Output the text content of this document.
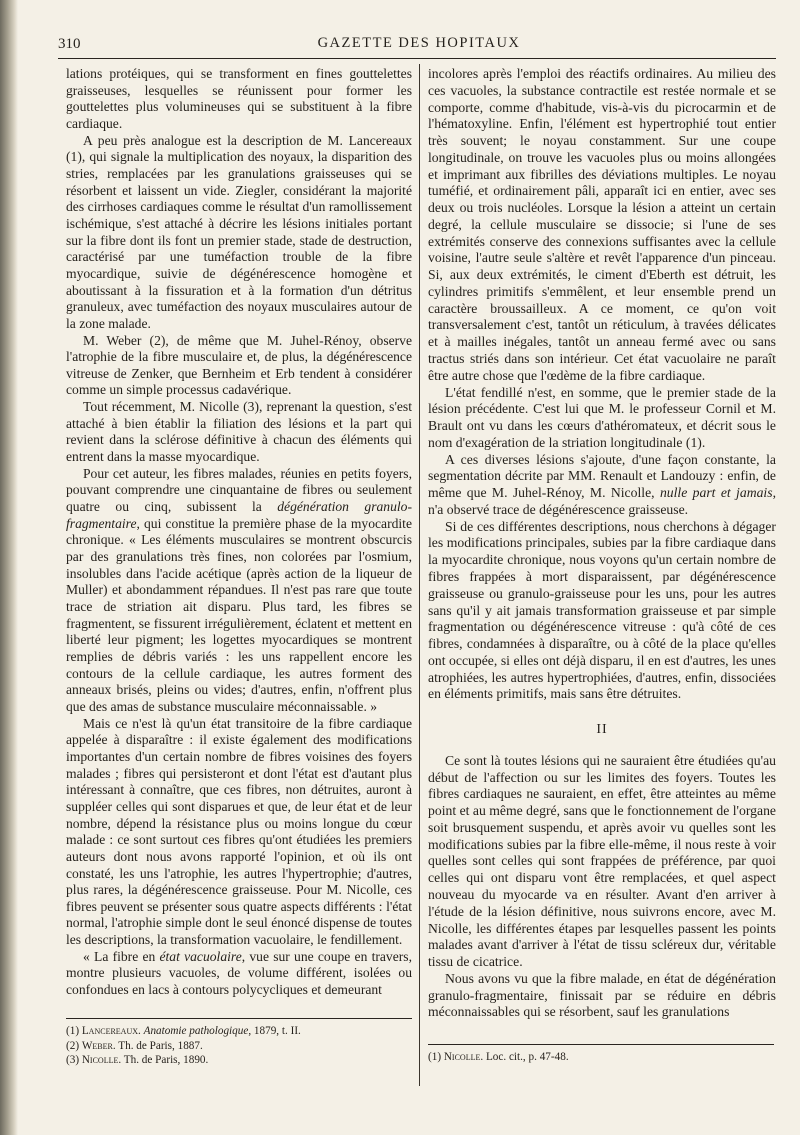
310	GAZETTE DES HOPITAUX

lations protéiques, qui se transforment en fines gouttelettes graisseuses, lesquelles se réunissent pour former les gouttelettes plus volumineuses qui se substituent à la fibre cardiaque.

A peu près analogue est la description de M. Lancereaux (1), qui signale la multiplication des noyaux, la disparition des stries, remplacées par les granulations graisseuses qui se résorbent et laissent un vide. Ziegler, considérant la majorité des cirrhoses cardiaques comme le résultat d'un ramollissement ischémique, s'est attaché à décrire les lésions initiales portant sur la fibre dont ils font un premier stade, stade de destruction, caractérisé par une tuméfaction trouble de la fibre myocardique, suivie de dégénérescence homogène et aboutissant à la fissuration et à la formation d'un détritus granuleux, avec tuméfaction des noyaux musculaires autour de la zone malade.

M. Weber (2), de même que M. Juhel-Rénoy, observe l'atrophie de la fibre musculaire et, de plus, la dégénérescence vitreuse de Zenker, que Bernheim et Erb tendent à considérer comme un simple processus cadavérique.

Tout récemment, M. Nicolle (3), reprenant la question, s'est attaché à bien établir la filiation des lésions et la part qui revient dans la sclérose définitive à chacun des éléments qui entrent dans la masse myocardique.

Pour cet auteur, les fibres malades, réunies en petits foyers, pouvant comprendre une cinquantaine de fibres ou seulement quatre ou cinq, subissent la dégénération granulo-fragmentaire, qui constitue la première phase de la myocardite chronique. « Les éléments musculaires se montrent obscurcis par des granulations très fines, non colorées par l'osmium, insolubles dans l'acide acétique (après action de la liqueur de Muller) et abondamment répandues. Il n'est pas rare que toute trace de striation ait disparu. Plus tard, les fibres se fragmentent, se fissurent irrégulièrement, éclatent et mettent en liberté leur pigment; les logettes myocardiques se montrent remplies de débris variés : les uns rappellent encore les contours de la cellule cardiaque, les autres forment des anneaux brisés, pleins ou vides; d'autres, enfin, n'offrent plus que des amas de substance musculaire méconnaissable. »

Mais ce n'est là qu'un état transitoire de la fibre cardiaque appelée à disparaître : il existe également des modifications importantes d'un certain nombre de fibres voisines des foyers malades ; fibres qui persisteront et dont l'état est d'autant plus intéressant à connaître, que ces fibres, non détruites, auront à suppléer celles qui sont disparues et que, de leur état et de leur nombre, dépend la résistance plus ou moins longue du cœur malade : ce sont surtout ces fibres qu'ont étudiées les premiers auteurs dont nous avons rapporté l'opinion, et où ils ont constaté, les uns l'atrophie, les autres l'hypertrophie; d'autres, plus rares, la dégénérescence graisseuse. Pour M. Nicolle, ces fibres peuvent se présenter sous quatre aspects différents : l'état normal, l'atrophie simple dont le seul énoncé dispense de toutes les descriptions, la transformation vacuolaire, le fendillement.

« La fibre en état vacuolaire, vue sur une coupe en travers, montre plusieurs vacuoles, de volume différent, isolées ou confondues en lacs à contours polycycliques et demeurant

incolores après l'emploi des réactifs ordinaires. Au milieu des ces vacuoles, la substance contractile est restée normale et se comporte, comme d'habitude, vis-à-vis du picrocarmin et de l'hématoxyline. Enfin, l'élément est hypertrophié tout entier très souvent; le noyau constamment. Sur une coupe longitudinale, on trouve les vacuoles plus ou moins allongées et imprimant aux fibrilles des déviations multiples. Le noyau tuméfié, et ordinairement pâli, apparaît ici en entier, avec ses deux ou trois nucléoles. Lorsque la lésion a atteint un certain degré, la cellule musculaire se dissocie; si l'une de ses extrémités conserve des connexions suffisantes avec la cellule voisine, l'autre seule s'altère et revêt l'apparence d'un pinceau. Si, aux deux extrémités, le ciment d'Eberth est détruit, les cylindres primitifs s'emmêlent, et leur ensemble prend un caractère broussailleux. A ce moment, ce qu'on voit transversalement c'est, tantôt un réticulum, à travées délicates et à mailles inégales, tantôt un anneau fermé avec ou sans tractus striés dans son intérieur. Cet état vacuolaire ne paraît être autre chose que l'œdème de la fibre cardiaque.

L'état fendillé n'est, en somme, que le premier stade de la lésion précédente. C'est lui que M. le professeur Cornil et M. Brault ont vu dans les cœurs d'athéromateux, et décrit sous le nom d'exagération de la striation longitudinale (1).

A ces diverses lésions s'ajoute, d'une façon constante, la segmentation décrite par MM. Renault et Landouzy : enfin, de même que M. Juhel-Rénoy, M. Nicolle, nulle part et jamais, n'a observé trace de dégénérescence graisseuse.

Si de ces différentes descriptions, nous cherchons à dégager les modifications principales, subies par la fibre cardiaque dans la myocardite chronique, nous voyons qu'un certain nombre de fibres frappées à mort disparaissent, par dégénérescence graisseuse ou granulo-graisseuse pour les uns, pour les autres sans qu'il y ait jamais transformation graisseuse et par simple fragmentation ou dégénérescence vitreuse : qu'à côté de ces fibres, condamnées à disparaître, ou à côté de la place qu'elles ont occupée, si elles ont déjà disparu, il en est d'autres, les unes atrophiées, les autres hypertrophiées, d'autres, enfin, dissociées en éléments primitifs, mais sans être détruites.

II

Ce sont là toutes lésions qui ne sauraient être étudiées qu'au début de l'affection ou sur les limites des foyers. Toutes les fibres cardiaques ne sauraient, en effet, être atteintes au même point et au même degré, sans que le fonctionnement de l'organe soit brusquement suspendu, et après avoir vu quelles sont les modifications subies par la fibre elle-même, il nous reste à voir quelles sont celles qui sont frappées de préférence, par quoi celles qui ont disparu vont être remplacées, et quel aspect nouveau du myocarde va en résulter. Avant d'en arriver à l'étude de la lésion définitive, nous suivrons encore, avec M. Nicolle, les différentes étapes par lesquelles passent les points malades avant d'arriver à l'état de tissu scléreux dur, véritable tissu de cicatrice.

Nous avons vu que la fibre malade, en état de dégénération granulo-fragmentaire, finissait par se réduire en débris méconnaissables qui se résorbent, sauf les granulations

(1) Lancereaux. Anatomie pathologique, 1879, t. II.
(2) Weber. Th. de Paris, 1887.
(3) Nicolle. Th. de Paris, 1890.	(1) Nicolle. Loc. cit., p. 47-48.
